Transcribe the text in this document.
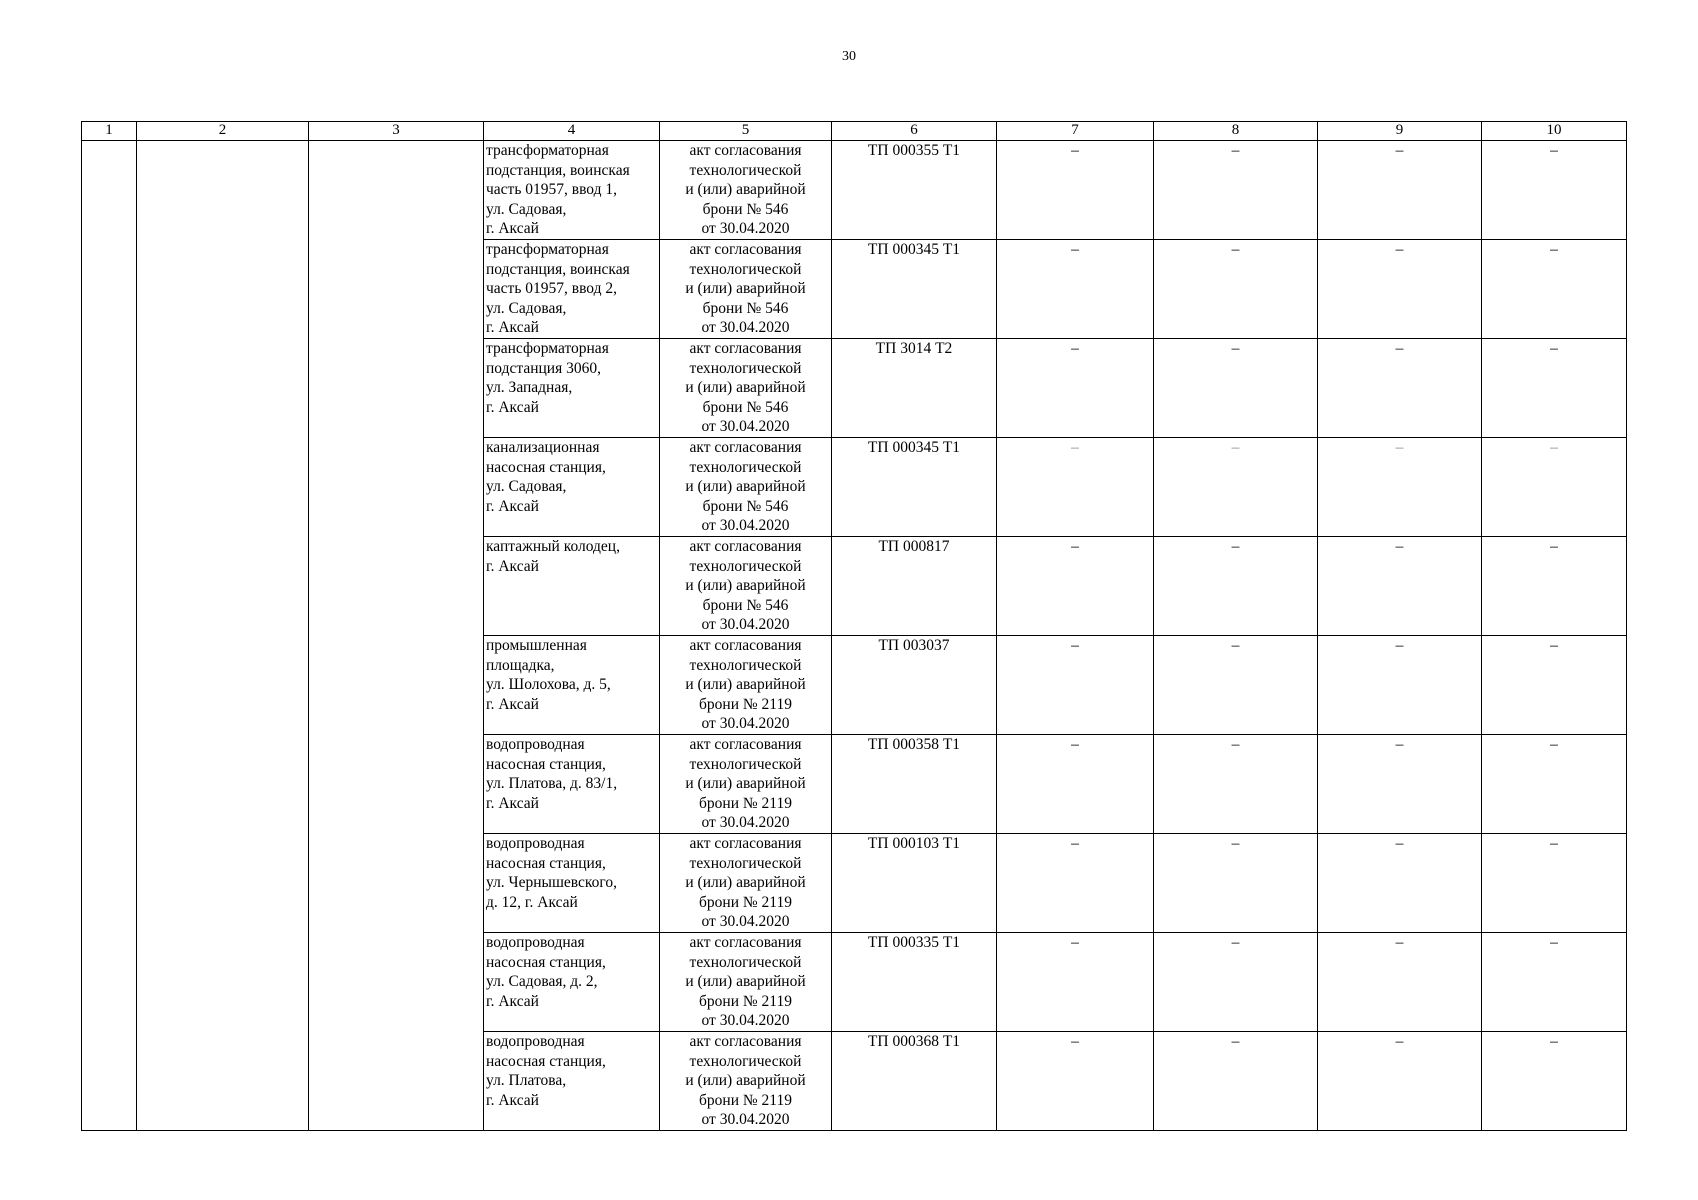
30
1	2	3	4	5	6	7	8	9	10
			трансформаторная
подстанция, воинская
часть 01957, ввод 1,
ул. Садовая,
г. Аксай	акт согласования
технологической
и (или) аварийной
брони № 546
от 30.04.2020	ТП 000355 Т1	–	–	–	–
			трансформаторная
подстанция, воинская
часть 01957, ввод 2,
ул. Садовая,
г. Аксай	акт согласования
технологической
и (или) аварийной
брони № 546
от 30.04.2020	ТП 000345 Т1	–	–	–	–
			трансформаторная
подстанция 3060,
ул. Западная,
г. Аксай	акт согласования
технологической
и (или) аварийной
брони № 546
от 30.04.2020	ТП 3014 Т2	–	–	–	–
			канализационная
насосная станция,
ул. Садовая,
г. Аксай	акт согласования
технологической
и (или) аварийной
брони № 546
от 30.04.2020	ТП 000345 Т1	–	–	–	–
			каптажный колодец,
г. Аксай	акт согласования
технологической
и (или) аварийной
брони № 546
от 30.04.2020	ТП 000817	–	–	–	–
			промышленная
площадка,
ул. Шолохова, д. 5,
г. Аксай	акт согласования
технологической
и (или) аварийной
брони № 2119
от 30.04.2020	ТП 003037	–	–	–	–
			водопроводная
насосная станция,
ул. Платова, д. 83/1,
г. Аксай	акт согласования
технологической
и (или) аварийной
брони № 2119
от 30.04.2020	ТП 000358 Т1	–	–	–	–
			водопроводная
насосная станция,
ул. Чернышевского,
д. 12, г. Аксай	акт согласования
технологической
и (или) аварийной
брони № 2119
от 30.04.2020	ТП 000103 Т1	–	–	–	–
			водопроводная
насосная станция,
ул. Садовая, д. 2,
г. Аксай	акт согласования
технологической
и (или) аварийной
брони № 2119
от 30.04.2020	ТП 000335 Т1	–	–	–	–
			водопроводная
насосная станция,
ул. Платова,
г. Аксай	акт согласования
технологической
и (или) аварийной
брони № 2119
от 30.04.2020	ТП 000368 Т1	–	–	–	–
